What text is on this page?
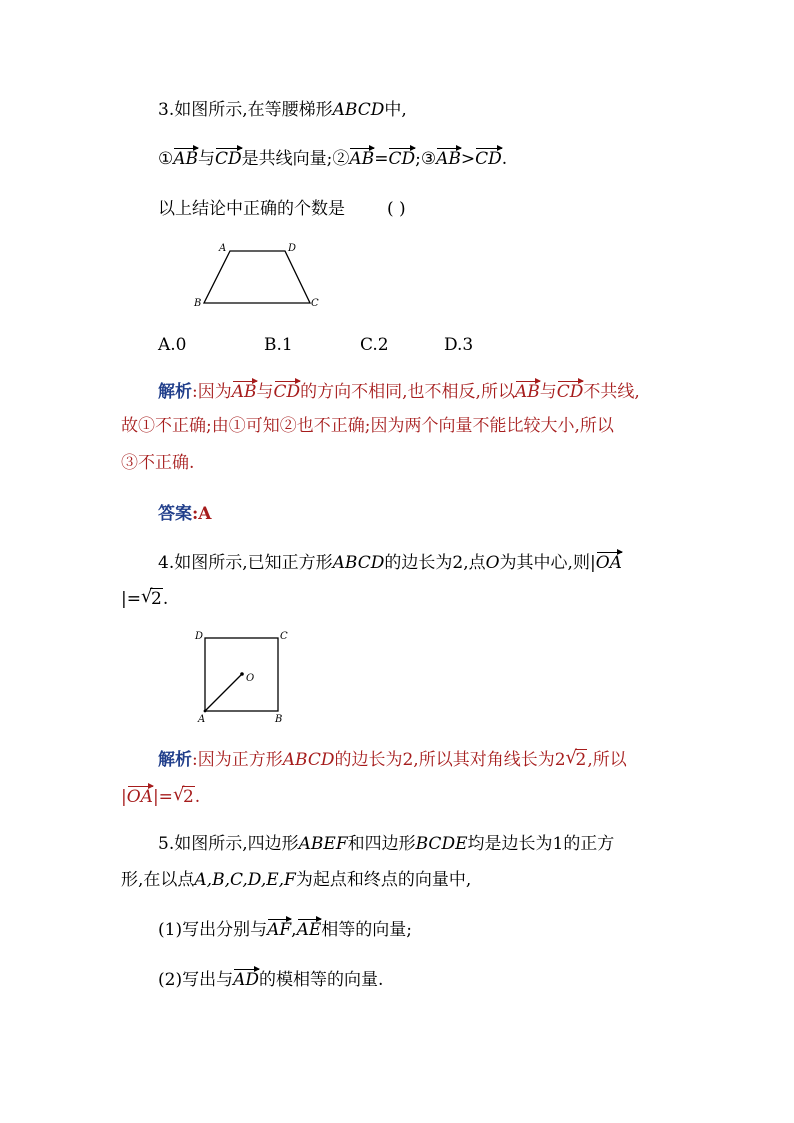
3.如图所示,在等腰梯形ABCD中,
①AB与CD是共线向量;②AB=CD;③AB>CD.
以上结论中正确的个数是 ( )
A	D
B	C
A.0	B.1	C.2	D.3
解析:因为AB与CD的方向不相同,也不相反,所以AB与CD不共线,
故①不正确;由①可知②也不正确;因为两个向量不能比较大小,所以
③不正确.
答案:A
4.如图所示,已知正方形ABCD的边长为2,点O为其中心,则|OA
|= √
2.
D	C
O
A	B
解析:因为正方形ABCD的边长为2,所以其对角线长为2 √
2,所以
|OA|= √
2.
5.如图所示,四边形ABEF和四边形BCDE均是边长为1的正方
形,在以点A,B,C,D,E,F为起点和终点的向量中,
(1)写出分别与AF,AE相等的向量;
(2)写出与AD的模相等的向量.
